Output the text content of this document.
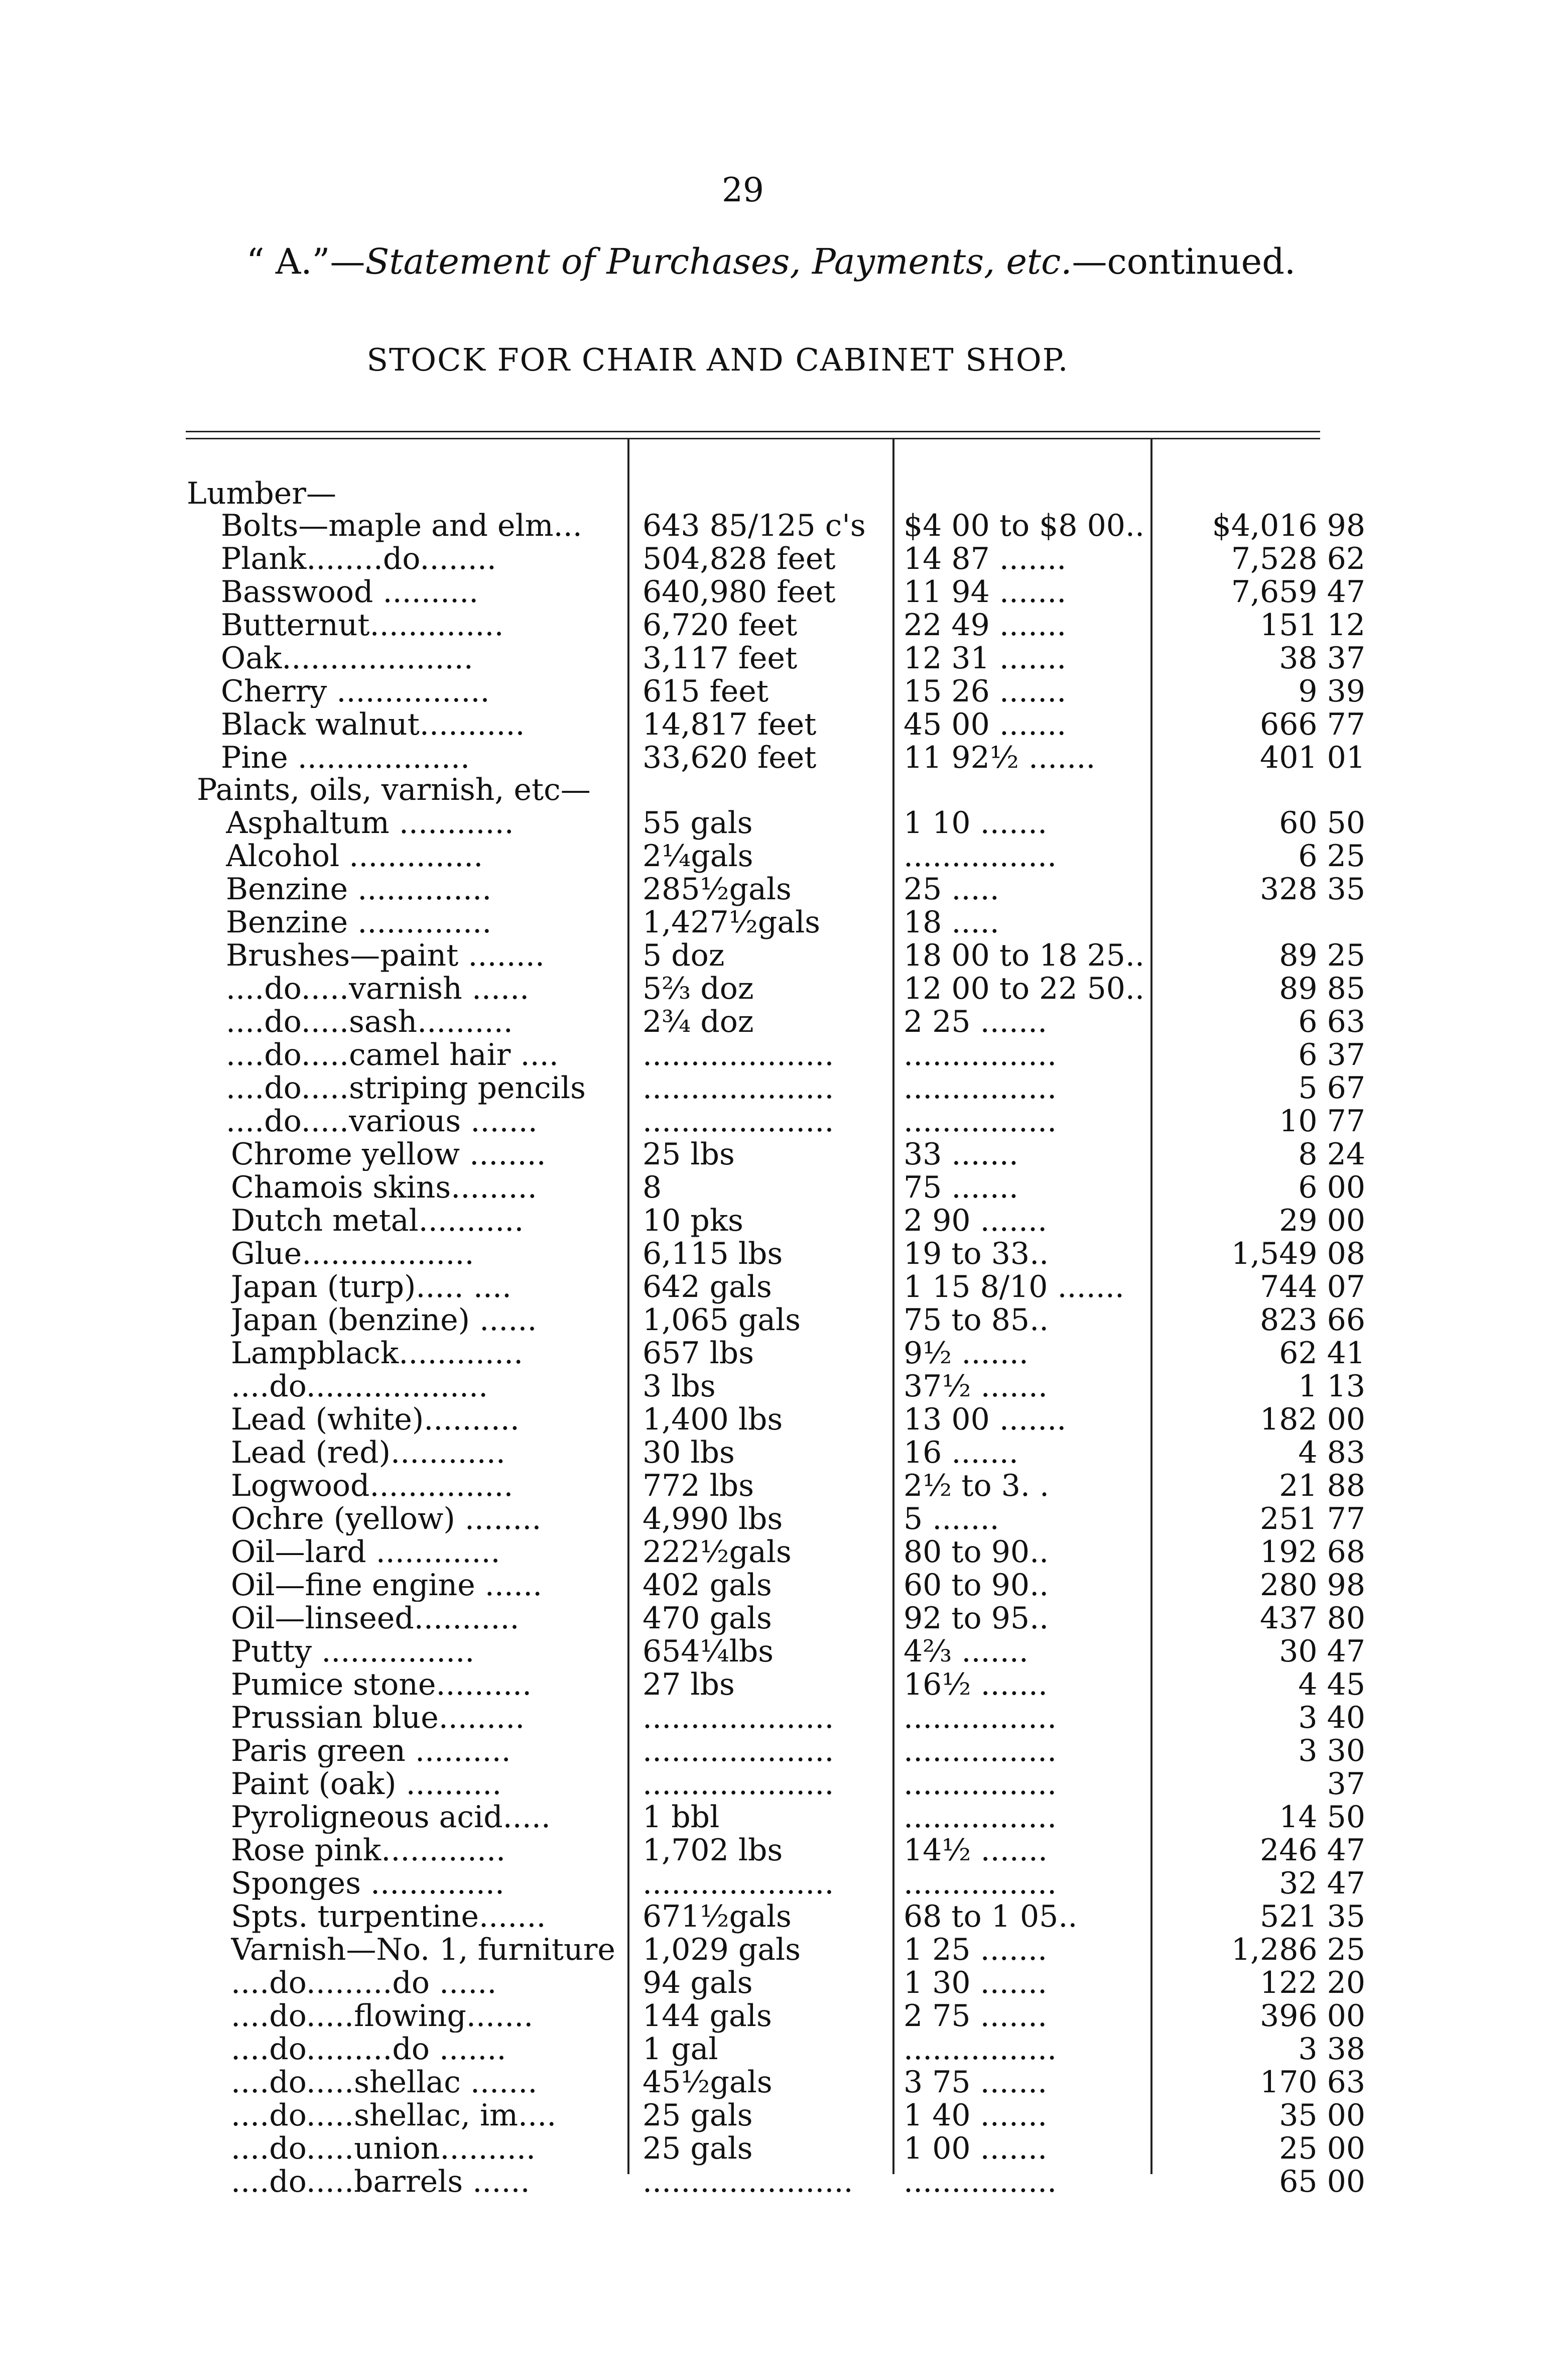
29
“ A.”—Statement of Purchases, Payments, etc.—continued.
STOCK FOR CHAIR AND CABINET SHOP.
Lumber—
Paints, oils, varnish, etc—
Bolts—maple and elm...	643 85/125 c's	$4 00 to $8 00..	$4,016 98
Plank........do........	504,828 feet	14 87 .......	7,528 62
Basswood ..........	640,980 feet	11 94 .......	7,659 47
Butternut..............	6,720 feet	22 49 .......	151 12
Oak....................	3,117 feet	12 31 .......	38 37
Cherry ................	615 feet	15 26 .......	9 39
Black walnut...........	14,817 feet	45 00 .......	666 77
Pine ..................	33,620 feet	11 92½ .......	401 01
Asphaltum ............	55 gals	1 10 .......	60 50
Alcohol ..............	2¼gals	................	6 25
Benzine ..............	285½gals	25 .....	328 35
Benzine ..............	1,427½gals	18 .....
Brushes—paint ........	5 doz	18 00 to 18 25..	89 25
....do.....varnish ......	5⅔ doz	12 00 to 22 50..	89 85
....do.....sash..........	2¾ doz	2 25 .......	6 63
....do.....camel hair ....	....................	................	6 37
....do.....striping pencils	....................	................	5 67
....do.....various .......	....................	................	10 77
Chrome yellow ........	25 lbs	33 .......	8 24
Chamois skins.........	8	75 .......	6 00
Dutch metal...........	10 pks	2 90 .......	29 00
Glue..................	6,115 lbs	19 to 33..	1,549 08
Japan (turp)..... ....	642 gals	1 15 8/10 .......	744 07
Japan (benzine) ......	1,065 gals	75 to 85..	823 66
Lampblack.............	657 lbs	9½ .......	62 41
....do...................	3 lbs	37½ .......	1 13
Lead (white)..........	1,400 lbs	13 00 .......	182 00
Lead (red)............	30 lbs	16 .......	4 83
Logwood...............	772 lbs	2½ to 3. .	21 88
Ochre (yellow) ........	4,990 lbs	5 .......	251 77
Oil—lard .............	222½gals	80 to 90..	192 68
Oil—fine engine ......	402 gals	60 to 90..	280 98
Oil—linseed...........	470 gals	92 to 95..	437 80
Putty ................	654¼lbs	4⅔ .......	30 47
Pumice stone..........	27 lbs	16½ .......	4 45
Prussian blue.........	....................	................	3 40
Paris green ..........	....................	................	3 30
Paint (oak) ..........	....................	................	37
Pyroligneous acid.....	1 bbl	................	14 50
Rose pink.............	1,702 lbs	14½ .......	246 47
Sponges ..............	....................	................	32 47
Spts. turpentine.......	671½gals	68 to 1 05..	521 35
Varnish—No. 1, furniture 1,029 gals	1 25 .......	1,286 25
....do.........do ......	94 gals	1 30 .......	122 20
....do.....flowing.......	144 gals	2 75 .......	396 00
....do.........do .......	1 gal	................	3 38
....do.....shellac .......	45½gals	3 75 .......	170 63
....do.....shellac, im....	25 gals	1 40 .......	35 00
....do.....union..........	25 gals	1 00 .......	25 00
....do.....barrels ......	......................	................	65 00
